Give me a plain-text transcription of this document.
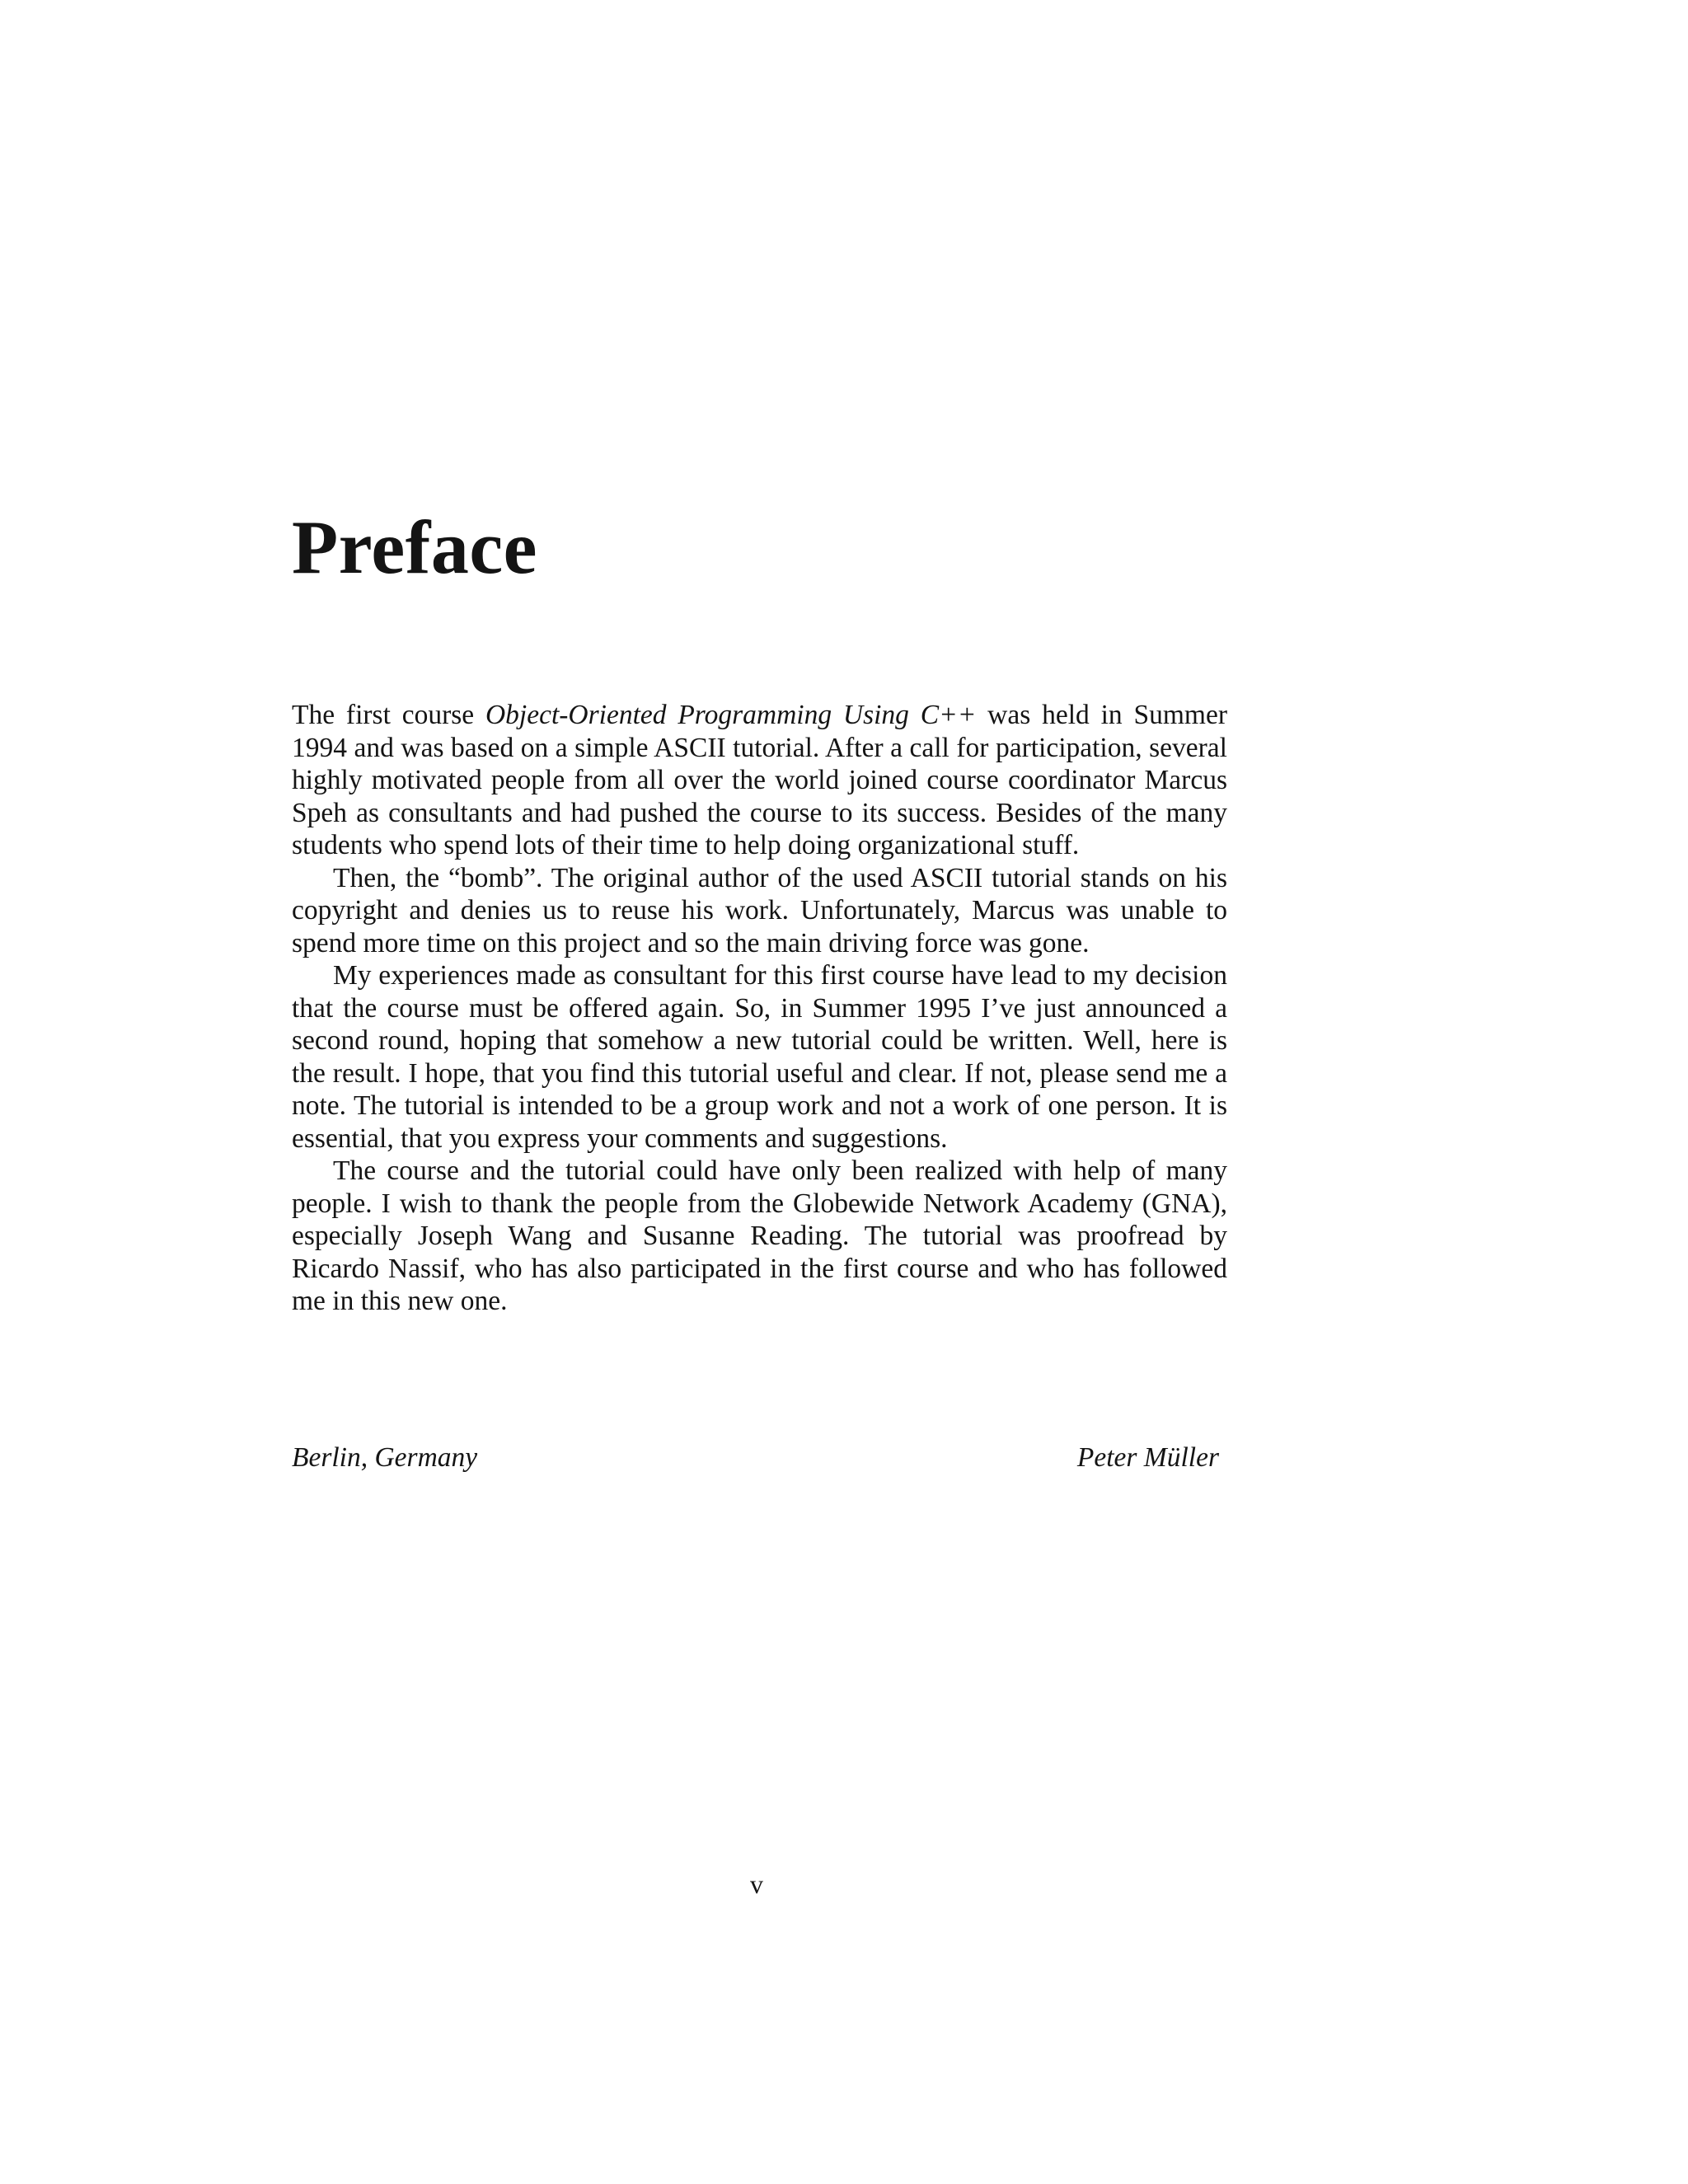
Preface

The first course Object-Oriented Programming Using C++ was held in Summer 1994 and was based on a simple ASCII tutorial. After a call for participation, several highly motivated people from all over the world joined course coordinator Marcus Speh as consultants and had pushed the course to its success. Besides of the many students who spend lots of their time to help doing organizational stuff.

Then, the “bomb”. The original author of the used ASCII tutorial stands on his copyright and denies us to reuse his work. Unfortunately, Marcus was unable to spend more time on this project and so the main driving force was gone.

My experiences made as consultant for this first course have lead to my decision that the course must be offered again. So, in Summer 1995 I’ve just announced a second round, hoping that somehow a new tutorial could be written. Well, here is the result. I hope, that you find this tutorial useful and clear. If not, please send me a note. The tutorial is intended to be a group work and not a work of one person. It is essential, that you express your comments and suggestions.

The course and the tutorial could have only been realized with help of many people. I wish to thank the people from the Globewide Network Academy (GNA), especially Joseph Wang and Susanne Reading. The tutorial was proofread by Ricardo Nassif, who has also participated in the first course and who has followed me in this new one.

Berlin, Germany	Peter Müller
v
